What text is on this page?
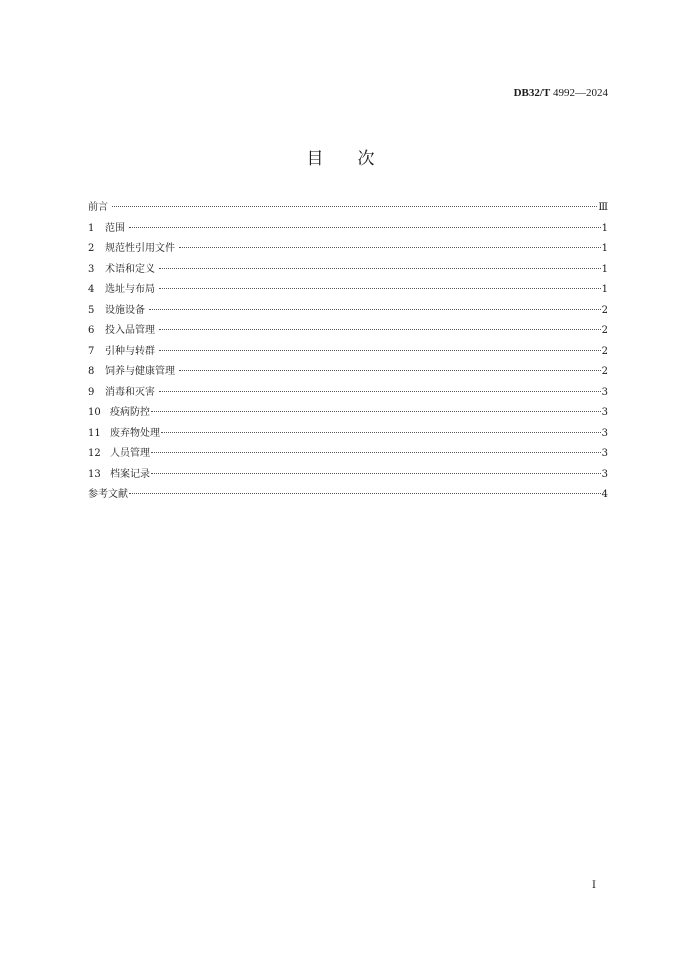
DB32/T 4992—2024
目 次
前言	Ⅲ
1	范围	1
2	规范性引用文件	1
3	术语和定义	1
4	选址与布局	1
5	设施设备	2
6	投入品管理	2
7	引种与转群	2
8	饲养与健康管理	2
9	消毒和灭害	3
10 疫病防控	3
11 废弃物处理	3
12 人员管理	3
13 档案记录	3
参考文献	4
I
